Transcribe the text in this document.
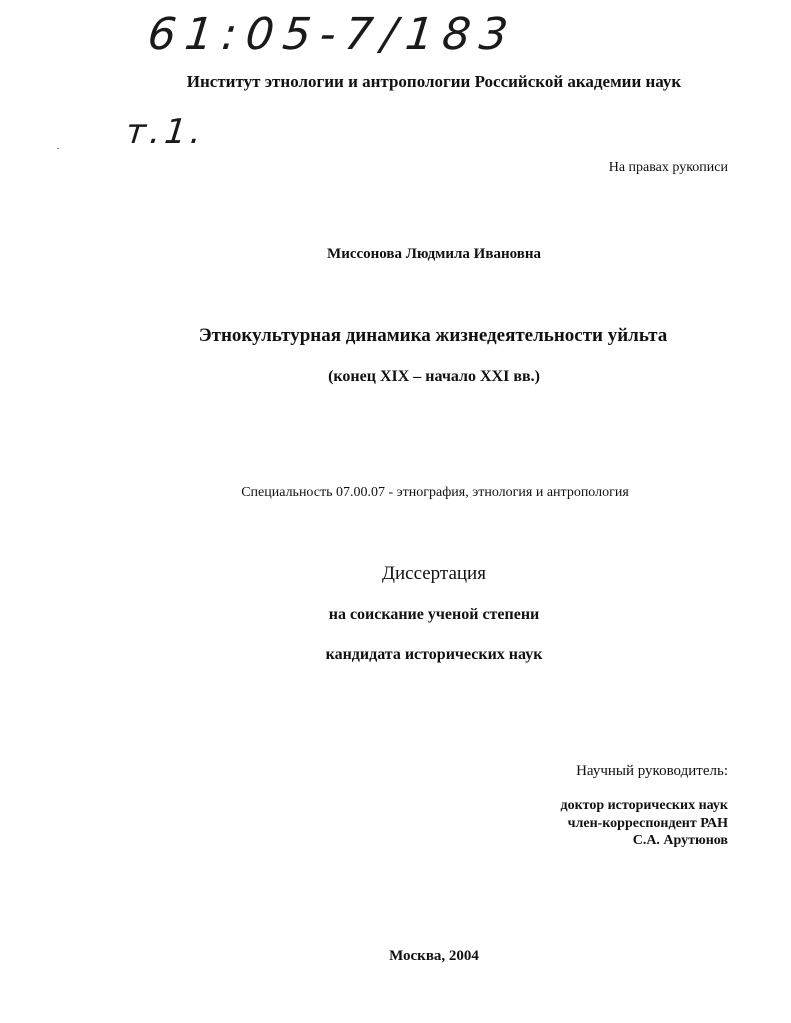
61:05-7/183
т.1.
Институт этнологии и антропологии Российской академии наук
На правах рукописи
Миссонова Людмила Ивановна
Этнокультурная динамика жизнедеятельности уйльта
(конец XIX – начало XXI вв.)
Специальность 07.00.07 - этнография, этнология и антропология
Диссертация
на соискание ученой степени
кандидата исторических наук
Научный руководитель:
доктор исторических наук
член-корреспондент РАН
С.А. Арутюнов
Москва, 2004
